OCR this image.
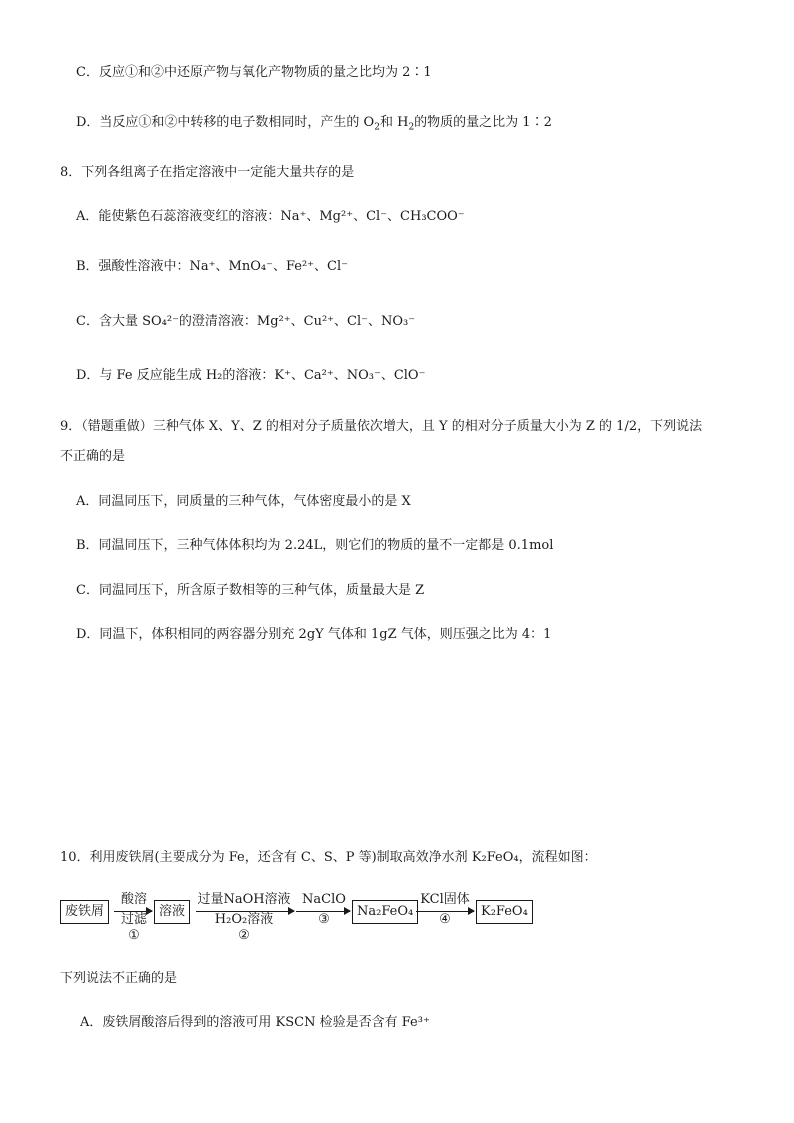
C．反应①和②中还原产物与氧化产物物质的量之比均为 2∶1
D．当反应①和②中转移的电子数相同时，产生的 $O_2$和 $H_2$的物质的量之比为 1∶2
8．下列各组离子在指定溶液中一定能大量共存的是
A．能使紫色石蕊溶液变红的溶液：Na⁺、Mg²⁺、Cl⁻、CH₃COO⁻
B．强酸性溶液中：Na⁺、MnO₄⁻、Fe²⁺、Cl⁻
C．含大量 SO₄²⁻的澄清溶液：Mg²⁺、Cu²⁺、Cl⁻、NO₃⁻
D．与 Fe 反应能生成 H₂的溶液：K⁺、Ca²⁺、NO₃⁻、ClO⁻
9．（错题重做）三种气体 X、Y、Z 的相对分子质量依次增大，且 Y 的相对分子质量大小为 Z 的 1/2，下列说法
不正确的是
A．同温同压下，同质量的三种气体，气体密度最小的是 X
B．同温同压下，三种气体体积均为 2.24L，则它们的物质的量不一定都是 0.1mol
C．同温同压下，所含原子数相等的三种气体，质量最大是 Z
D．同温下，体积相同的两容器分别充 2gY 气体和 1gZ 气体，则压强之比为 4：1
10．利用废铁屑(主要成分为 Fe，还含有 C、S、P 等)制取高效净水剂 K₂FeO₄，流程如图：
废铁屑
酸溶
过滤
①
溶液
过量NaOH溶液
H₂O₂溶液
②
NaClO
③
Na₂FeO₄
KCl固体
④
K₂FeO₄
下列说法不正确的是
A．废铁屑酸溶后得到的溶液可用 KSCN 检验是否含有 Fe³⁺
